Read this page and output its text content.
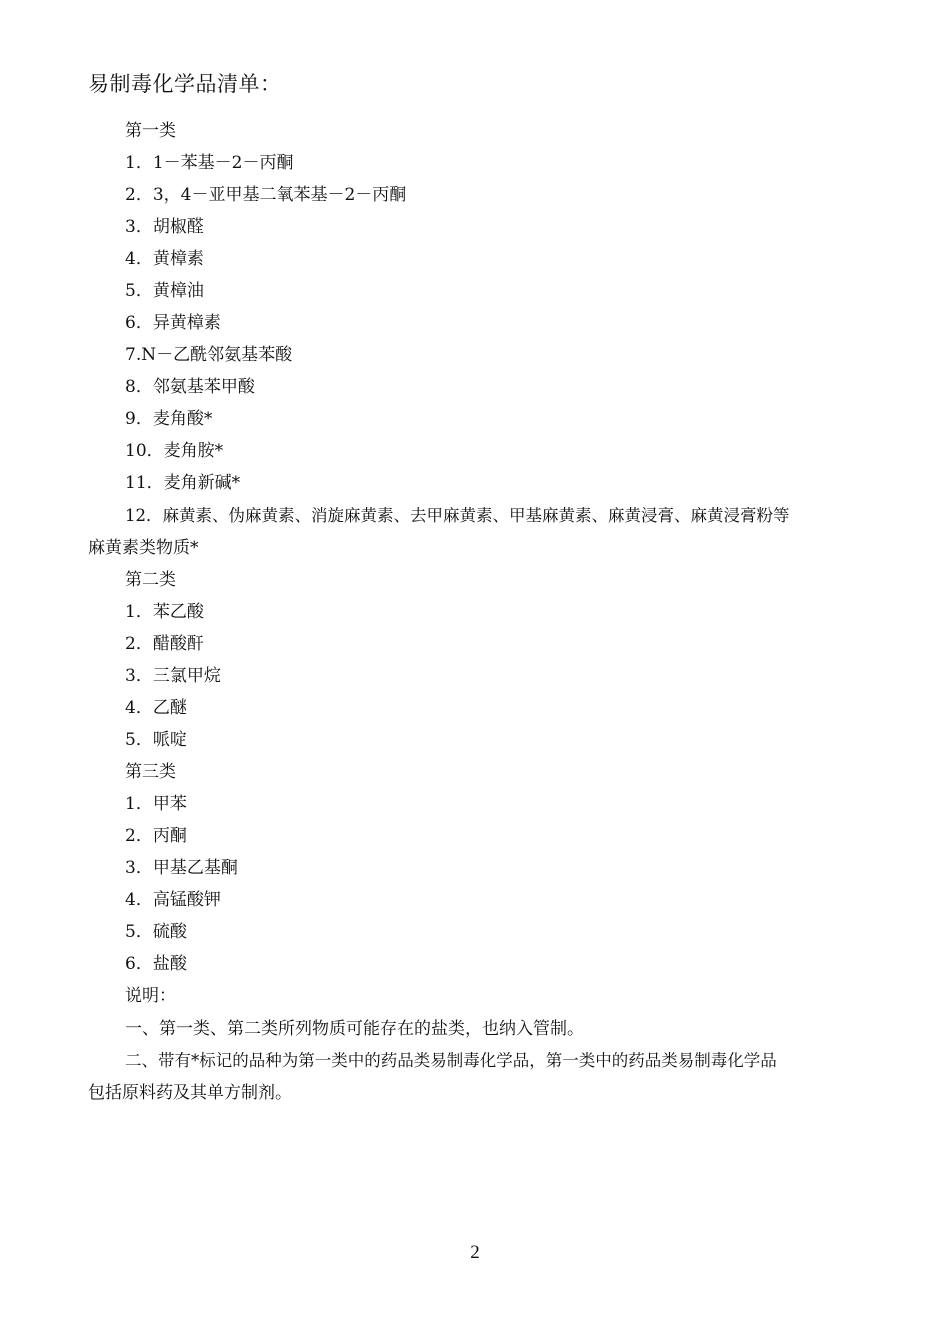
易制毒化学品清单：
第一类
1．1－苯基－2－丙酮
2．3，4－亚甲基二氧苯基－2－丙酮
3．胡椒醛
4．黄樟素
5．黄樟油
6．异黄樟素
7.N－乙酰邻氨基苯酸
8．邻氨基苯甲酸
9．麦角酸*
10．麦角胺*
11．麦角新碱*
12．麻黄素、伪麻黄素、消旋麻黄素、去甲麻黄素、甲基麻黄素、麻黄浸膏、麻黄浸膏粉等
麻黄素类物质*
第二类
1．苯乙酸
2．醋酸酐
3．三氯甲烷
4．乙醚
5．哌啶
第三类
1．甲苯
2．丙酮
3．甲基乙基酮
4．高锰酸钾
5．硫酸
6．盐酸
说明：
一、第一类、第二类所列物质可能存在的盐类，也纳入管制。
二、带有*标记的品种为第一类中的药品类易制毒化学品，第一类中的药品类易制毒化学品
包括原料药及其单方制剂。
2
